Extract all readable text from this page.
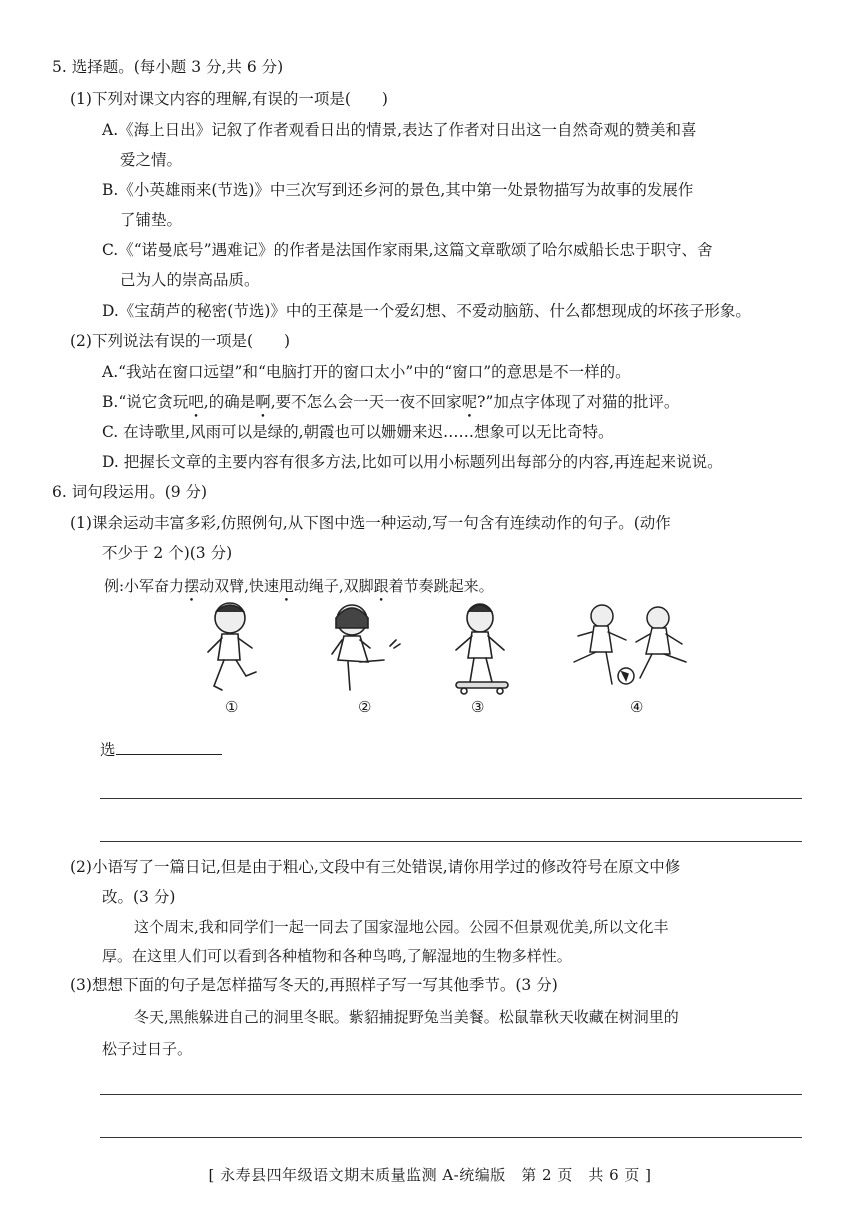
5. 选择题。(每小题 3 分,共 6 分)
(1)下列对课文内容的理解,有误的一项是(　　)
A.《海上日出》记叙了作者观看日出的情景,表达了作者对日出这一自然奇观的赞美和喜
爱之情。
B.《小英雄雨来(节选)》中三次写到还乡河的景色,其中第一处景物描写为故事的发展作
了铺垫。
C.《“诺曼底号”遇难记》的作者是法国作家雨果,这篇文章歌颂了哈尔威船长忠于职守、舍
己为人的崇高品质。
D.《宝葫芦的秘密(节选)》中的王葆是一个爱幻想、不爱动脑筋、什么都想现成的坏孩子形象。
(2)下列说法有误的一项是(　　)
A.“我站在窗口远望”和“电脑打开的窗口太小”中的“窗口”的意思是不一样的。
B.“说它贪玩吧,的确是啊,要不怎么会一天一夜不回家呢?”加点字体现了对猫的批评。
C. 在诗歌里,风雨可以是绿的,朝霞也可以姗姗来迟……想象可以无比奇特。
D. 把握长文章的主要内容有很多方法,比如可以用小标题列出每部分的内容,再连起来说说。
6. 词句段运用。(9 分)
(1)课余运动丰富多彩,仿照例句,从下图中选一种运动,写一句含有连续动作的句子。(动作
不少于 2 个)(3 分)
例:小军奋力摆动双臂,快速甩动绳子,双脚跟着节奏跳起来。
①	②	③	④
选
(2)小语写了一篇日记,但是由于粗心,文段中有三处错误,请你用学过的修改符号在原文中修
改。(3 分)
这个周末,我和同学们一起一同去了国家湿地公园。公园不但景观优美,所以文化丰
厚。在这里人们可以看到各种植物和各种鸟鸣,了解湿地的生物多样性。
(3)想想下面的句子是怎样描写冬天的,再照样子写一写其他季节。(3 分)
冬天,黑熊躲进自己的洞里冬眠。紫貂捕捉野兔当美餐。松鼠靠秋天收藏在树洞里的
松子过日子。
[ 永寿县四年级语文期末质量监测 A-统编版　第 2 页　共 6 页 ]
